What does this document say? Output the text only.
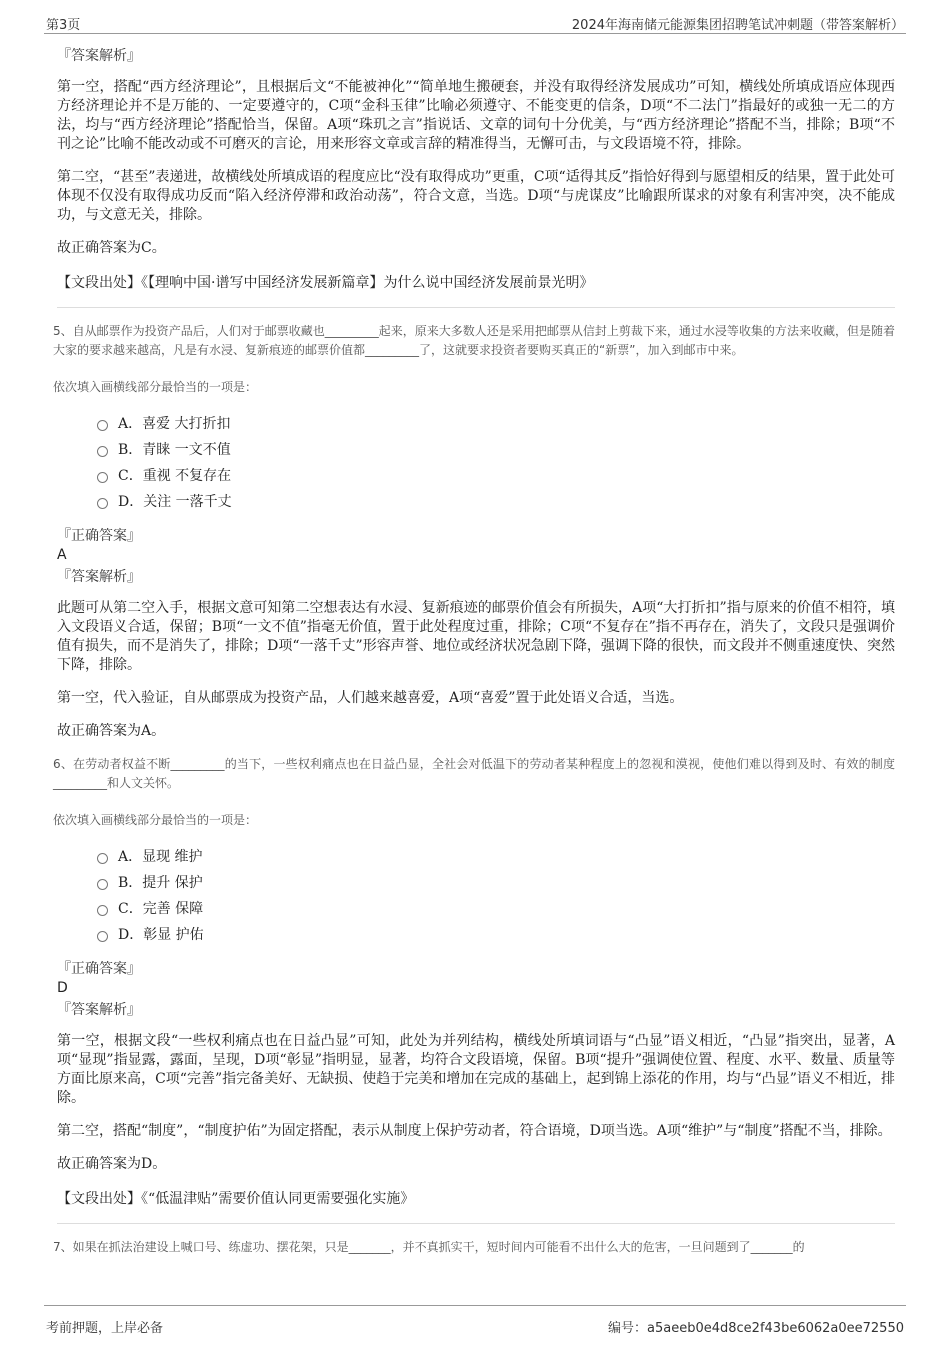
第3页	2024年海南储元能源集团招聘笔试冲刺题（带答案解析）

『答案解析』

第一空，搭配“西方经济理论”，且根据后文“不能被神化”“简单地生搬硬套，并没有取得经济发展成功”可知，横线处所填成语应体现西方经济理论并不是万能的、一定要遵守的，C项“金科玉律”比喻必须遵守、不能变更的信条，D项“不二法门”指最好的或独一无二的方法，均与“西方经济理论”搭配恰当，保留。A项“珠玑之言”指说话、文章的词句十分优美，与“西方经济理论”搭配不当，排除；B项“不刊之论”比喻不能改动或不可磨灭的言论，用来形容文章或言辞的精准得当，无懈可击，与文段语境不符，排除。

第二空，“甚至”表递进，故横线处所填成语的程度应比“没有取得成功”更重，C项“适得其反”指恰好得到与愿望相反的结果，置于此处可体现不仅没有取得成功反而“陷入经济停滞和政治动荡”，符合文意，当选。D项“与虎谋皮”比喻跟所谋求的对象有利害冲突，决不能成功，与文意无关，排除。

故正确答案为C。

【文段出处】《【理响中国·谱写中国经济发展新篇章】为什么说中国经济发展前景光明》

5、自从邮票作为投资产品后，人们对于邮票收藏也_________起来，原来大多数人还是采用把邮票从信封上剪裁下来，通过水浸等收集的方法来收藏，但是随着大家的要求越来越高，凡是有水浸、复新痕迹的邮票价值都_________了，这就要求投资者要购买真正的“新票”，加入到邮市中来。

依次填入画横线部分最恰当的一项是：

A．喜爱 大打折扣
B．青睐 一文不值
C．重视 不复存在
D．关注 一落千丈

『正确答案』

A

『答案解析』

此题可从第二空入手，根据文意可知第二空想表达有水浸、复新痕迹的邮票价值会有所损失，A项“大打折扣”指与原来的价值不相符，填入文段语义合适，保留；B项“一文不值”指毫无价值，置于此处程度过重，排除；C项“不复存在”指不再存在，消失了，文段只是强调价值有损失，而不是消失了，排除；D项“一落千丈”形容声誉、地位或经济状况急剧下降，强调下降的很快，而文段并不侧重速度快、突然下降，排除。

第一空，代入验证，自从邮票成为投资产品，人们越来越喜爱，A项“喜爱”置于此处语义合适，当选。

故正确答案为A。

6、在劳动者权益不断_________的当下，一些权利痛点也在日益凸显，全社会对低温下的劳动者某种程度上的忽视和漠视，使他们难以得到及时、有效的制度_________和人文关怀。

依次填入画横线部分最恰当的一项是：

A．显现 维护
B．提升 保护
C．完善 保障
D．彰显 护佑

『正确答案』

D

『答案解析』

第一空，根据文段“一些权利痛点也在日益凸显”可知，此处为并列结构，横线处所填词语与“凸显”语义相近，“凸显”指突出，显著，A项“显现”指显露，露面，呈现，D项“彰显”指明显，显著，均符合文段语境，保留。B项“提升”强调使位置、程度、水平、数量、质量等方面比原来高，C项“完善”指完备美好、无缺损、使趋于完美和增加在完成的基础上，起到锦上添花的作用，均与“凸显”语义不相近，排除。

第二空，搭配“制度”，“制度护佑”为固定搭配，表示从制度上保护劳动者，符合语境，D项当选。A项“维护”与“制度”搭配不当，排除。

故正确答案为D。

【文段出处】《“低温津贴”需要价值认同更需要强化实施》

7、如果在抓法治建设上喊口号、练虚功、摆花架，只是_______，并不真抓实干，短时间内可能看不出什么大的危害，一旦问题到了_______的

考前押题，上岸必备	编号：a5aeeb0e4d8ce2f43be6062a0ee72550
